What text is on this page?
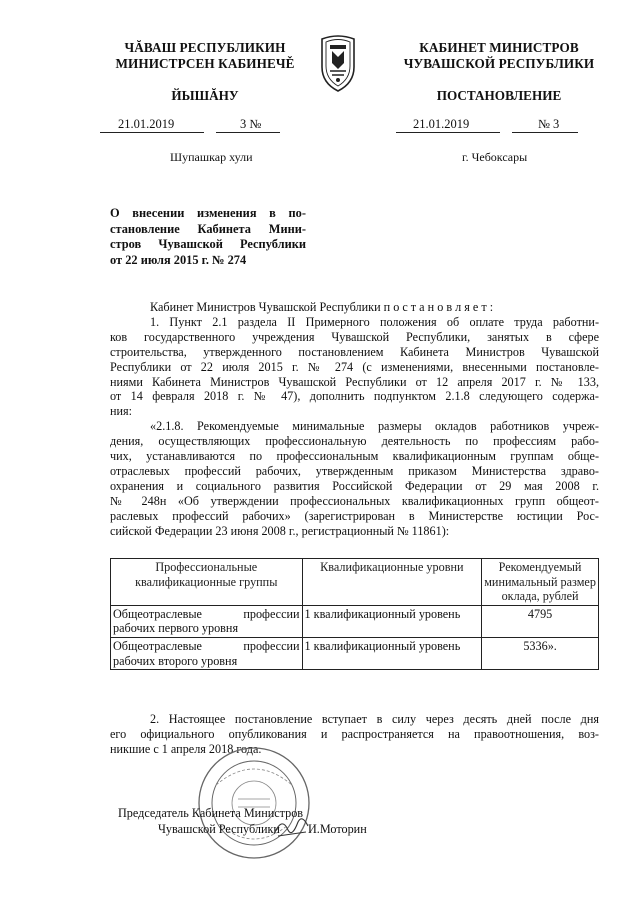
ЧĂВАШ РЕСПУБЛИКИН
МИНИСТРСЕН КАБИНЕЧĚ
ЙЫШĂНУ
КАБИНЕТ МИНИСТРОВ
ЧУВАШСКОЙ РЕСПУБЛИКИ
ПОСТАНОВЛЕНИЕ
21.01.2019	3 №	21.01.2019	№ 3
Шупашкар хули	г. Чебоксары
О внесении изменения в по-
становление Кабинета Мини-
стров Чувашской Республики
от 22 июля 2015 г. № 274
Кабинет Министров Чувашской Республики п о с т а н о в л я е т :
1. Пункт 2.1 раздела II Примерного положения об оплате труда работни-
ков государственного учреждения Чувашской Республики, занятых в сфере
строительства, утвержденного постановлением Кабинета Министров Чувашской
Республики от 22 июля 2015 г. № 274 (с изменениями, внесенными постановле-
ниями Кабинета Министров Чувашской Республики от 12 апреля 2017 г. № 133,
от 14 февраля 2018 г. № 47), дополнить подпунктом 2.1.8 следующего содержа-
ния:
«2.1.8. Рекомендуемые минимальные размеры окладов работников учреж-
дения, осуществляющих профессиональную деятельность по профессиям рабо-
чих, устанавливаются по профессиональным квалификационным группам обще-
отраслевых профессий рабочих, утвержденным приказом Министерства здраво-
охранения и социального развития Российской Федерации от 29 мая 2008 г.
№ 248н «Об утверждении профессиональных квалификационных групп общеот-
раслевых профессий рабочих» (зарегистрирован в Министерстве юстиции Рос-
сийской Федерации 23 июня 2008 г., регистрационный № 11861):
Профессиональные квалификационные группы	Квалификационные уровни	Рекомендуемый минимальный размер оклада, рублей
Общеотраслевые профессии рабочих первого уровня	1 квалификационный уровень	4795
Общеотраслевые профессии рабочих второго уровня	1 квалификационный уровень	5336».
2. Настоящее постановление вступает в силу через десять дней после дня
его официального опубликования и распространяется на правоотношения, воз-
никшие с 1 апреля 2018 года.
Председатель Кабинета Министров
Чувашской Республики И.Моторин
